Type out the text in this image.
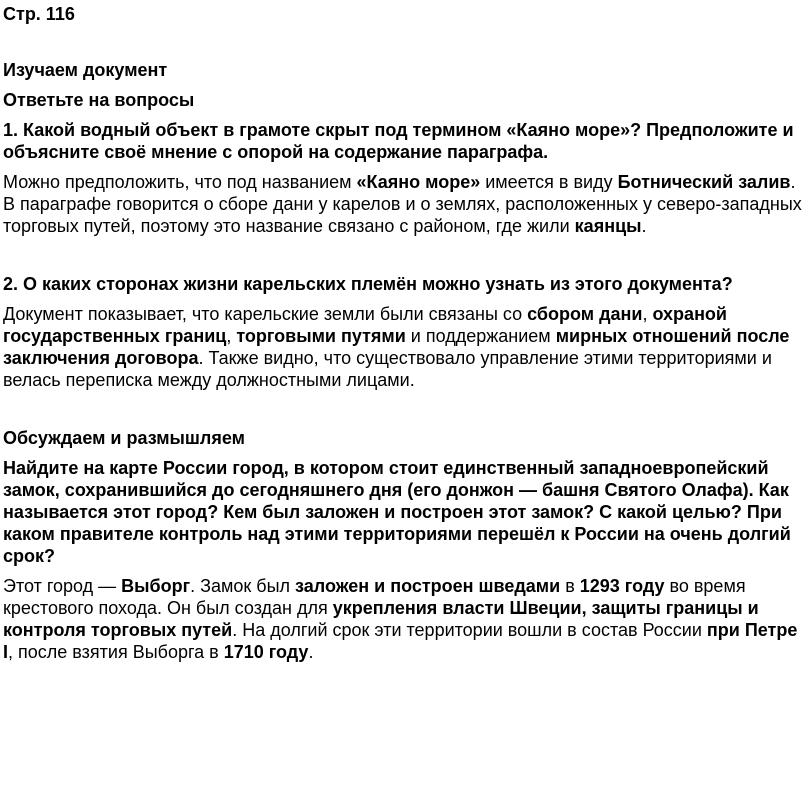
Стр. 116

Изучаем документ

Ответьте на вопросы

1. Какой водный объект в грамоте скрыт под термином «Каяно море»? Предположите и объясните своё мнение с опорой на содержание параграфа.

Можно предположить, что под названием «Каяно море» имеется в виду Ботнический залив. В параграфе говорится о сборе дани у карелов и о землях, расположенных у северо-западных торговых путей, поэтому это название связано с районом, где жили каянцы.

2. О каких сторонах жизни карельских племён можно узнать из этого документа?

Документ показывает, что карельские земли были связаны со сбором дани, охраной государственных границ, торговыми путями и поддержанием мирных отношений после заключения договора. Также видно, что существовало управление этими территориями и велась переписка между должностными лицами.

Обсуждаем и размышляем

Найдите на карте России город, в котором стоит единственный западноевропейский замок, сохранившийся до сегодняшнего дня (его донжон — башня Святого Олафа). Как называется этот город? Кем был заложен и построен этот замок? С какой целью? При каком правителе контроль над этими территориями перешёл к России на очень долгий срок?

Этот город — Выборг. Замок был заложен и построен шведами в 1293 году во время крестового похода. Он был создан для укрепления власти Швеции, защиты границы и контроля торговых путей. На долгий срок эти территории вошли в состав России при Петре I, после взятия Выборга в 1710 году.
